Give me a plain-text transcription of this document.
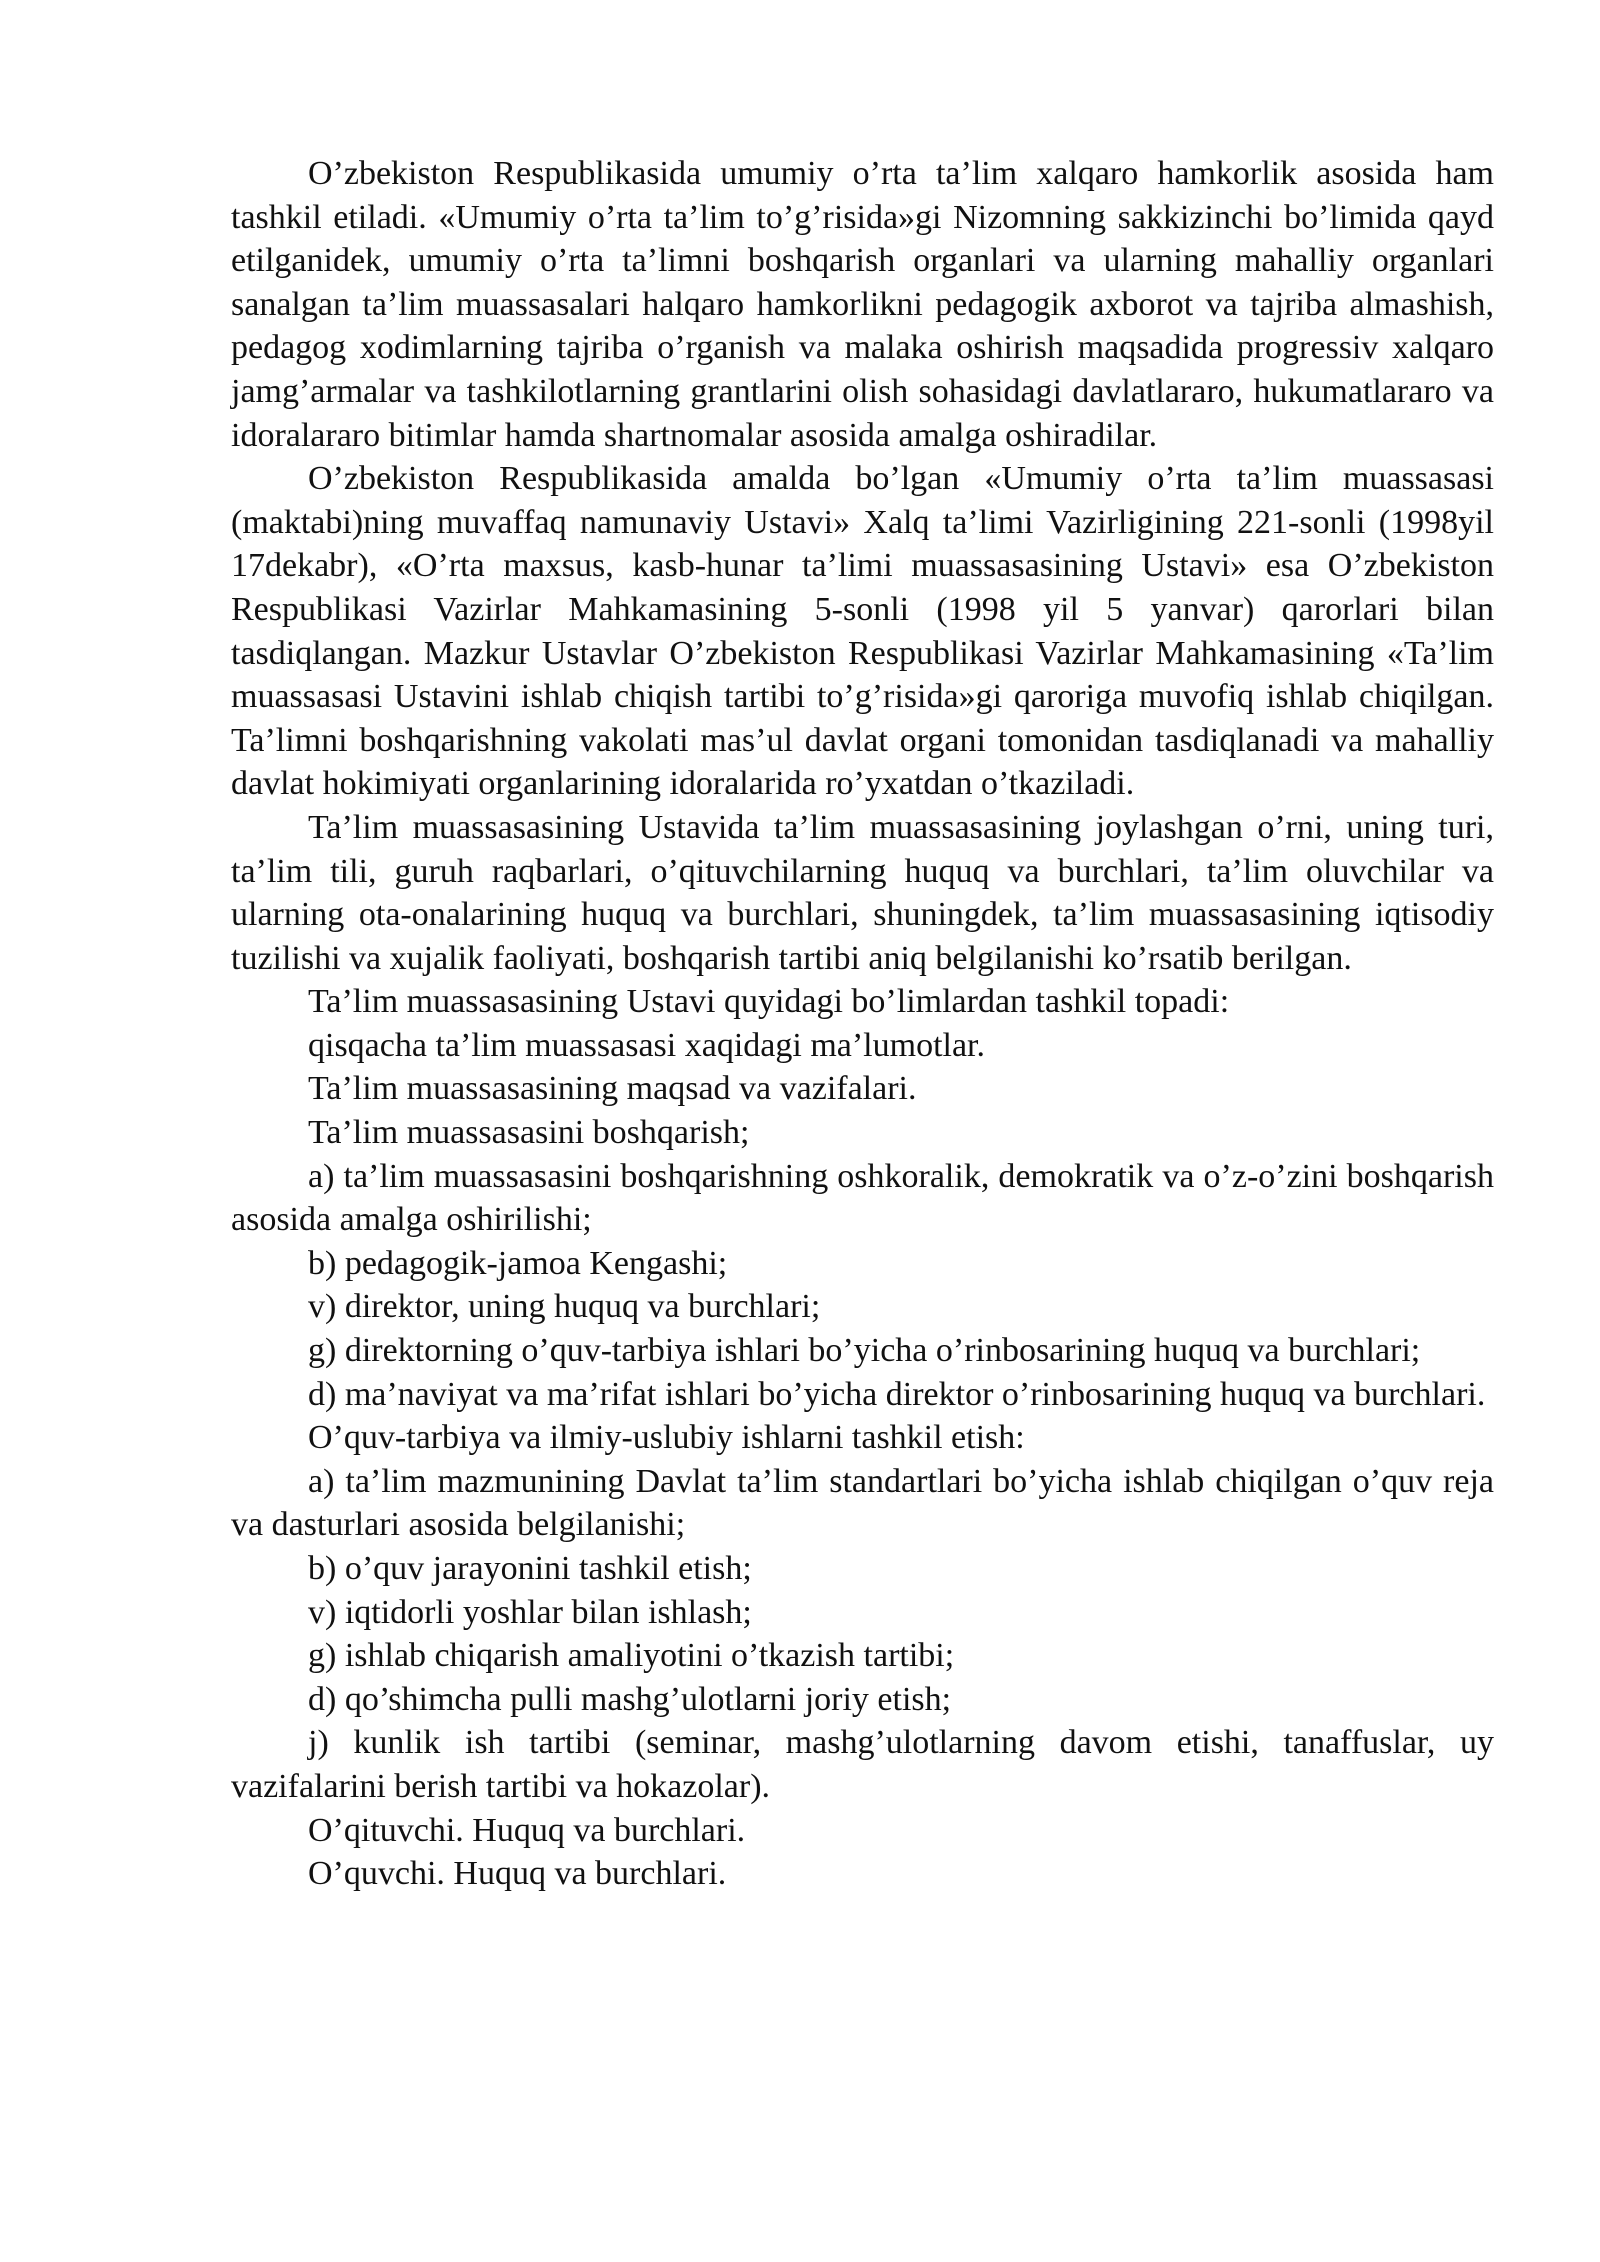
O’zbekiston Respublikasida umumiy o’rta ta’lim xalqaro hamkorlik asosida ham tashkil etiladi. «Umumiy o’rta ta’lim to’g’risida»gi Nizomning sakkizinchi bo’limida qayd etilganidek, umumiy o’rta ta’limni boshqarish organlari va ularning mahalliy organlari sanalgan ta’lim muassasalari halqaro hamkorlikni pedagogik axborot va tajriba almashish, pedagog xodimlarning tajriba o’rganish va malaka oshirish maqsadida progressiv xalqaro jamg’armalar va tashkilotlarning grantlarini olish sohasidagi davlatlararo, hukumatlararo va idoralararo bitimlar hamda shartnomalar asosida amalga oshiradilar.

O’zbekiston Respublikasida amalda bo’lgan «Umumiy o’rta ta’lim muassasasi (maktabi)ning muvaffaq namunaviy Ustavi» Xalq ta’limi Vazirligining 221-sonli (1998yil 17dekabr), «O’rta maxsus, kasb-hunar ta’limi muassasasining Ustavi» esa O’zbekiston Respublikasi Vazirlar Mahkamasining 5-sonli (1998 yil 5 yanvar) qarorlari bilan tasdiqlangan. Mazkur Ustavlar O’zbekiston Respublikasi Vazirlar Mahkamasining «Ta’lim muassasasi Ustavini ishlab chiqish tartibi to’g’risida»gi qaroriga muvofiq ishlab chiqilgan. Ta’limni boshqarishning vakolati mas’ul davlat organi tomonidan tasdiqlanadi va mahalliy davlat hokimiyati organlarining idoralarida ro’yxatdan o’tkaziladi.

Ta’lim muassasasining Ustavida ta’lim muassasasining joylashgan o’rni, uning turi, ta’lim tili, guruh raqbarlari, o’qituvchilarning huquq va burchlari, ta’lim oluvchilar va ularning ota-onalarining huquq va burchlari, shuningdek, ta’lim muassasasining iqtisodiy tuzilishi va xujalik faoliyati, boshqarish tartibi aniq belgilanishi ko’rsatib berilgan.

Ta’lim muassasasining Ustavi quyidagi bo’limlardan tashkil topadi:

qisqacha ta’lim muassasasi xaqidagi ma’lumotlar.

Ta’lim muassasasining maqsad va vazifalari.

Ta’lim muassasasini boshqarish;

a) ta’lim muassasasini boshqarishning oshkoralik, demokratik va o’z-o’zini boshqarish asosida amalga oshirilishi;

b) pedagogik-jamoa Kengashi;

v) direktor, uning huquq va burchlari;

g) direktorning o’quv-tarbiya ishlari bo’yicha o’rinbosarining huquq va burchlari;

d) ma’naviyat va ma’rifat ishlari bo’yicha direktor o’rinbosarining huquq va burchlari.

O’quv-tarbiya va ilmiy-uslubiy ishlarni tashkil etish:

a) ta’lim mazmunining Davlat ta’lim standartlari bo’yicha ishlab chiqilgan o’quv reja va dasturlari asosida belgilanishi;

b) o’quv jarayonini tashkil etish;

v) iqtidorli yoshlar bilan ishlash;

g) ishlab chiqarish amaliyotini o’tkazish tartibi;

d) qo’shimcha pulli mashg’ulotlarni joriy etish;

j) kunlik ish tartibi (seminar, mashg’ulotlarning davom etishi, tanaffuslar, uy vazifalarini berish tartibi va hokazolar).

O’qituvchi. Huquq va burchlari.

O’quvchi. Huquq va burchlari.
